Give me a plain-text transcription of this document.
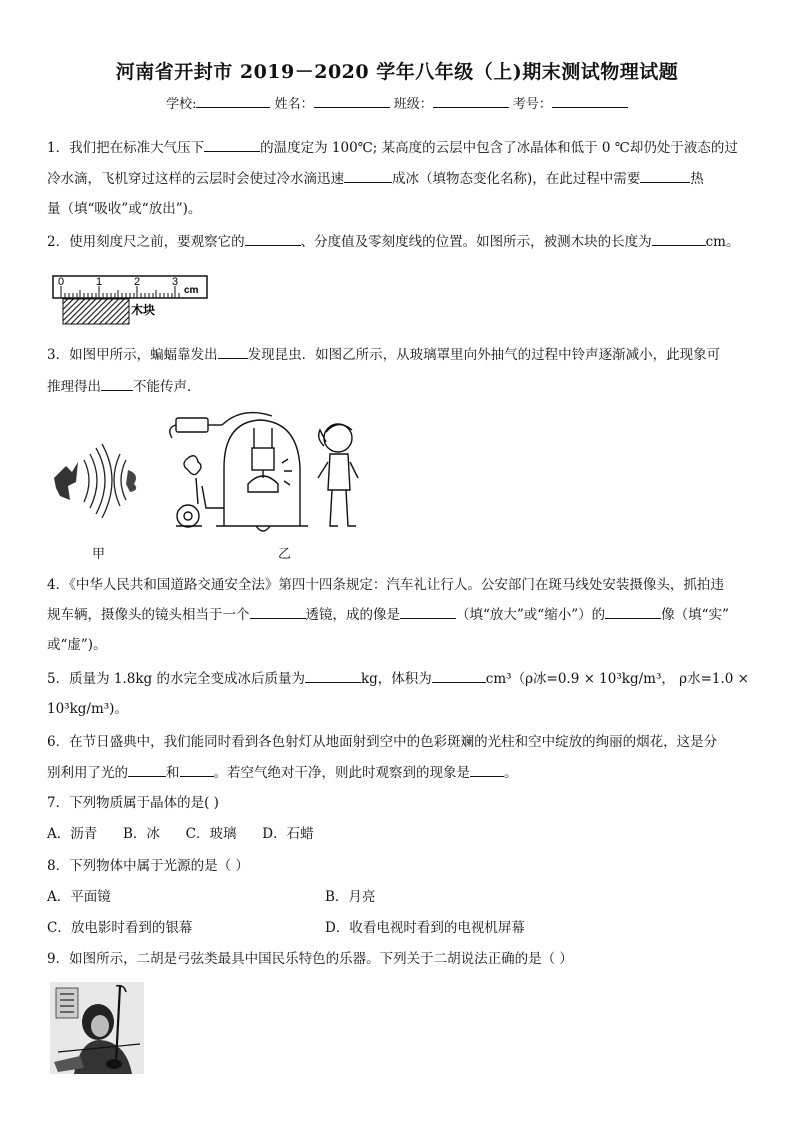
河南省开封市 2019－2020 学年八年级（上)期末测试物理试题
学校:	姓名：	班级：	考号：
1．我们把在标准大气压下	的温度定为 100℃; 某高度的云层中包含了冰晶体和低于 0 ℃却仍处于液态的过
冷水滴，飞机穿过这样的云层时会使过冷水滴迅速	成冰（填物态变化名称)，在此过程中需要	热
量（填“吸收”或“放出”)。
2．使用刻度尺之前，要观察它的	、分度值及零刻度线的位置。如图所示，被测木块的长度为	cm。
0	1	2	3
cm
木块
3．如图甲所示，蝙蝠靠发出 发现昆虫．如图乙所示，从玻璃罩里向外抽气的过程中铃声逐渐减小，此现象可
推理得出 不能传声．
甲	乙
4．《中华人民共和国道路交通安全法》第四十四条规定：汽车礼让行人。公安部门在斑马线处安装摄像头，抓拍违
规车辆，摄像头的镜头相当于一个	透镜，成的像是	（填“放大”或“缩小”）的	像（填“实”
或“虚”)。
5．质量为 1.8kg 的水完全变成冰后质量为	kg，体积为	cm³（ρ冰=0.9 × 10³kg/m³， ρ水=1.0 ×
10³kg/m³)。
6．在节日盛典中，我们能同时看到各色射灯从地面射到空中的色彩斑斓的光柱和空中绽放的绚丽的烟花，这是分
别利用了光的	和	。若空气绝对干净，则此时观察到的现象是	。
7．下列物质属于晶体的是( )
A．沥青      B．冰      C．玻璃      D．石蜡
8．下列物体中属于光源的是（ ）
A．平面镜	B．月亮
C．放电影时看到的银幕	D．收看电视时看到的电视机屏幕
9．如图所示，二胡是弓弦类最具中国民乐特色的乐器。下列关于二胡说法正确的是（ ）
